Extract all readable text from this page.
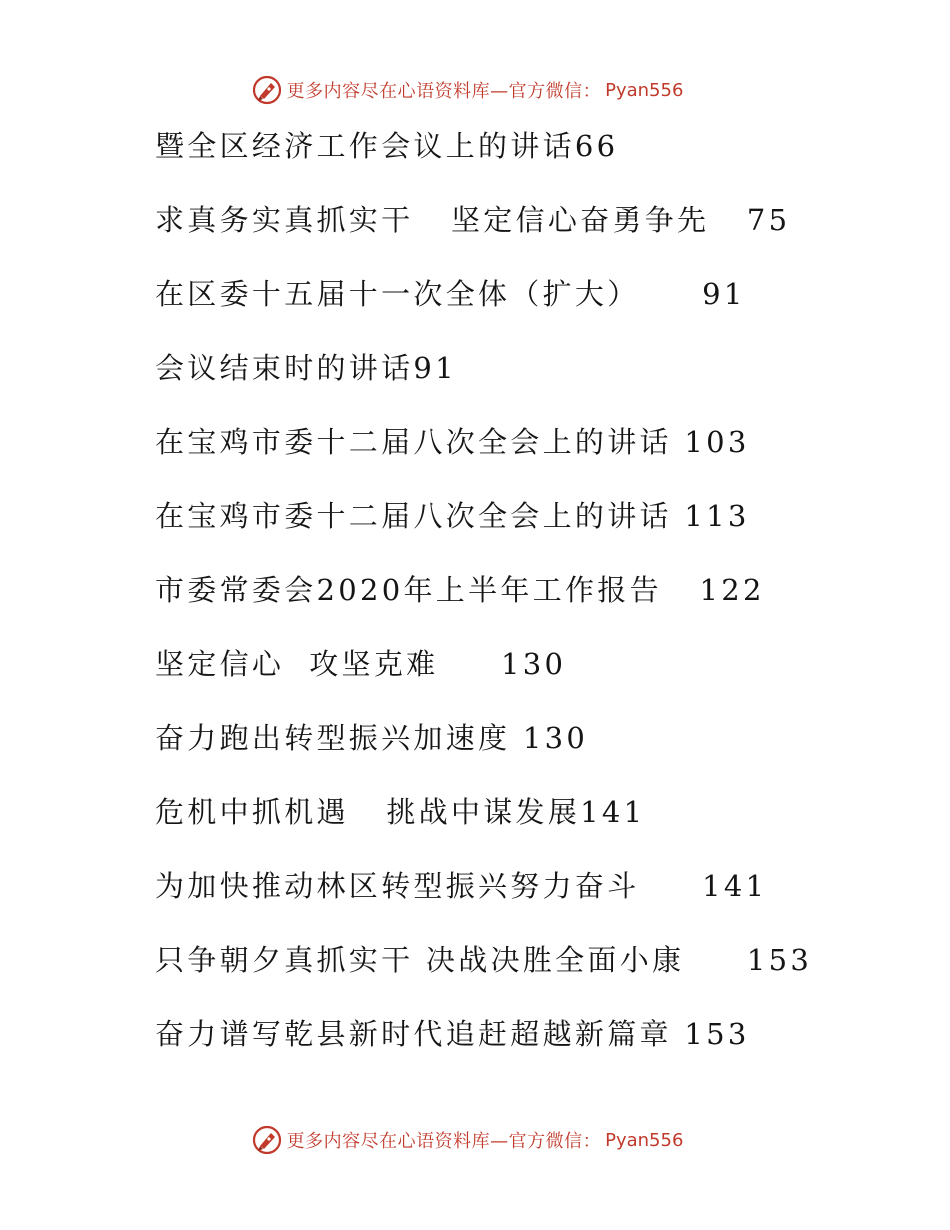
更多内容尽在心语资料库—官方微信： Pyan556
暨全区经济工作会议上的讲话66
求真务实真抓实干   坚定信心奋勇争先   75
在区委十五届十一次全体（扩大）     91
会议结束时的讲话91
在宝鸡市委十二届八次全会上的讲话 103
在宝鸡市委十二届八次全会上的讲话 113
市委常委会2020年上半年工作报告   122
坚定信心  攻坚克难     130
奋力跑出转型振兴加速度 130
危机中抓机遇   挑战中谋发展141
为加快推动林区转型振兴努力奋斗     141
只争朝夕真抓实干 决战决胜全面小康     153
奋力谱写乾县新时代追赶超越新篇章 153
更多内容尽在心语资料库—官方微信： Pyan556
